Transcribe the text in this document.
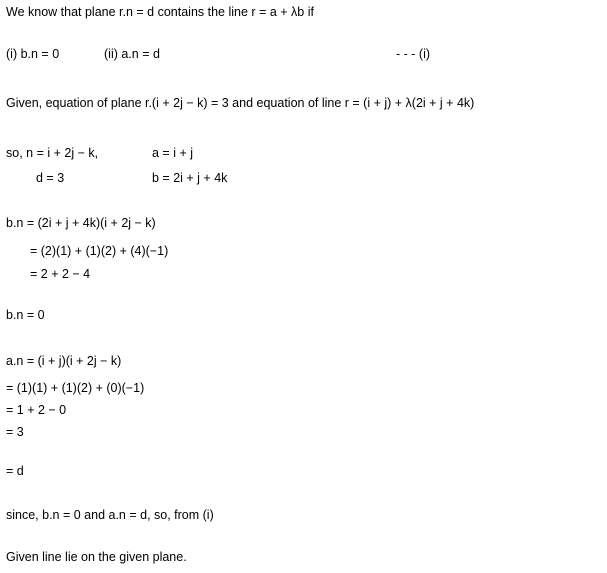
We know that plane r.n = d contains the line r = a + λb if
(i) b.n = 0	(ii) a.n = d	- - - (i)
Given, equation of plane r.(i + 2j − k) = 3 and equation of line r = (i + j) + λ(2i + j + 4k)
so, n = i + 2j − k,	a = i + j
d = 3	b = 2i + j + 4k
b.n = (2i + j + 4k)(i + 2j − k)
= (2)(1) + (1)(2) + (4)(−1)
= 2 + 2 − 4
b.n = 0
a.n = (i + j)(i + 2j − k)
= (1)(1) + (1)(2) + (0)(−1)
= 1 + 2 − 0
= 3
= d
since, b.n = 0 and a.n = d, so, from (i)
Given line lie on the given plane.
